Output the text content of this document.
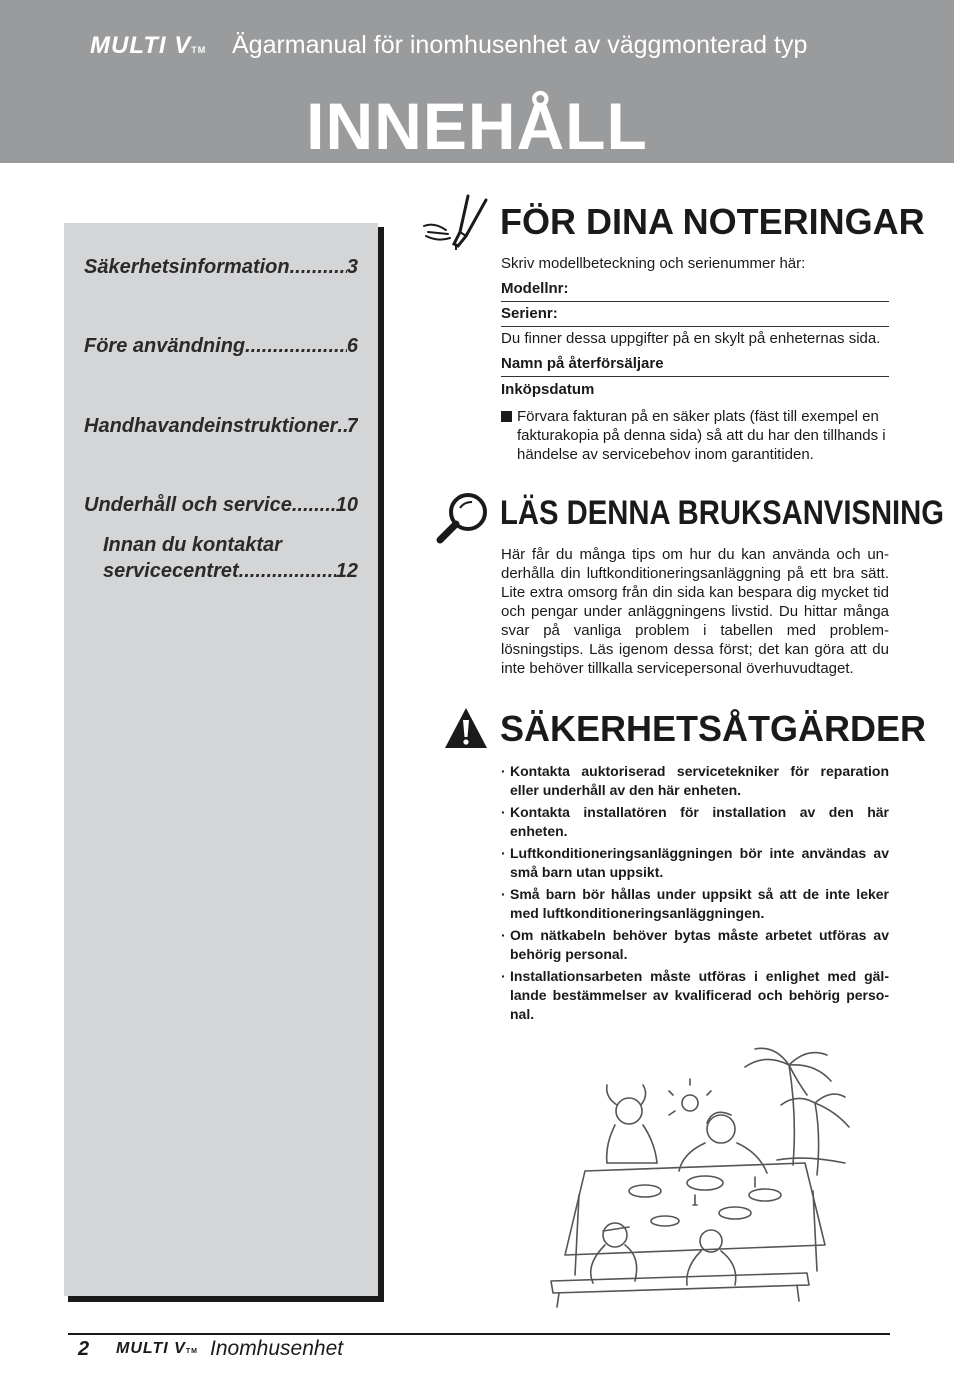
MULTI VTM Ägarmanual för inomhusenhet av väggmonterad typ
INNEHÅLL
Säkerhetsinformation .....	3
Före användning .....	6
Handhavandeinstruktioner ..... 7
Underhåll och service ..... 10
Innan du kontaktar
servicecentret .....	12
FÖR DINA NOTERINGAR
Skriv modellbeteckning och serienummer här:
Modellnr:
Serienr:
Du finner dessa uppgifter på en skylt på enheternas sida.
Namn på återförsäljare
Inköpsdatum
Förvara fakturan på en säker plats (fäst till exempel en fakturakopia på denna sida) så att du har den tillhands i händelse av servicebehov inom garantitiden.
LÄS DENNA BRUKSANVISNING
Här får du många tips om hur du kan använda och underhålla din luftkonditioneringsanläggning på ett bra sätt. Lite extra omsorg från din sida kan bespara dig mycket tid och pengar under anläggningens livstid. Du hittar många svar på vanliga problem i tabellen med problemlösningstips. Läs igenom dessa först; det kan göra att du inte behöver tillkalla servicepersonal överhuvudtaget.
SÄKERHETSÅTGÄRDER
· Kontakta auktoriserad servicetekniker för reparation eller underhåll av den här enheten.
· Kontakta installatören för installation av den här enheten.
· Luftkonditioneringsanläggningen bör inte användas av små barn utan uppsikt.
· Små barn bör hållas under uppsikt så att de inte leker med luftkonditioneringsanläggningen.
· Om nätkabeln behöver bytas måste arbetet utföras av behörig personal.
· Installationsarbeten måste utföras i enlighet med gällande bestämmelser av kvalificerad och behörig personal.
2 MULTI VTM Inomhusenhet
